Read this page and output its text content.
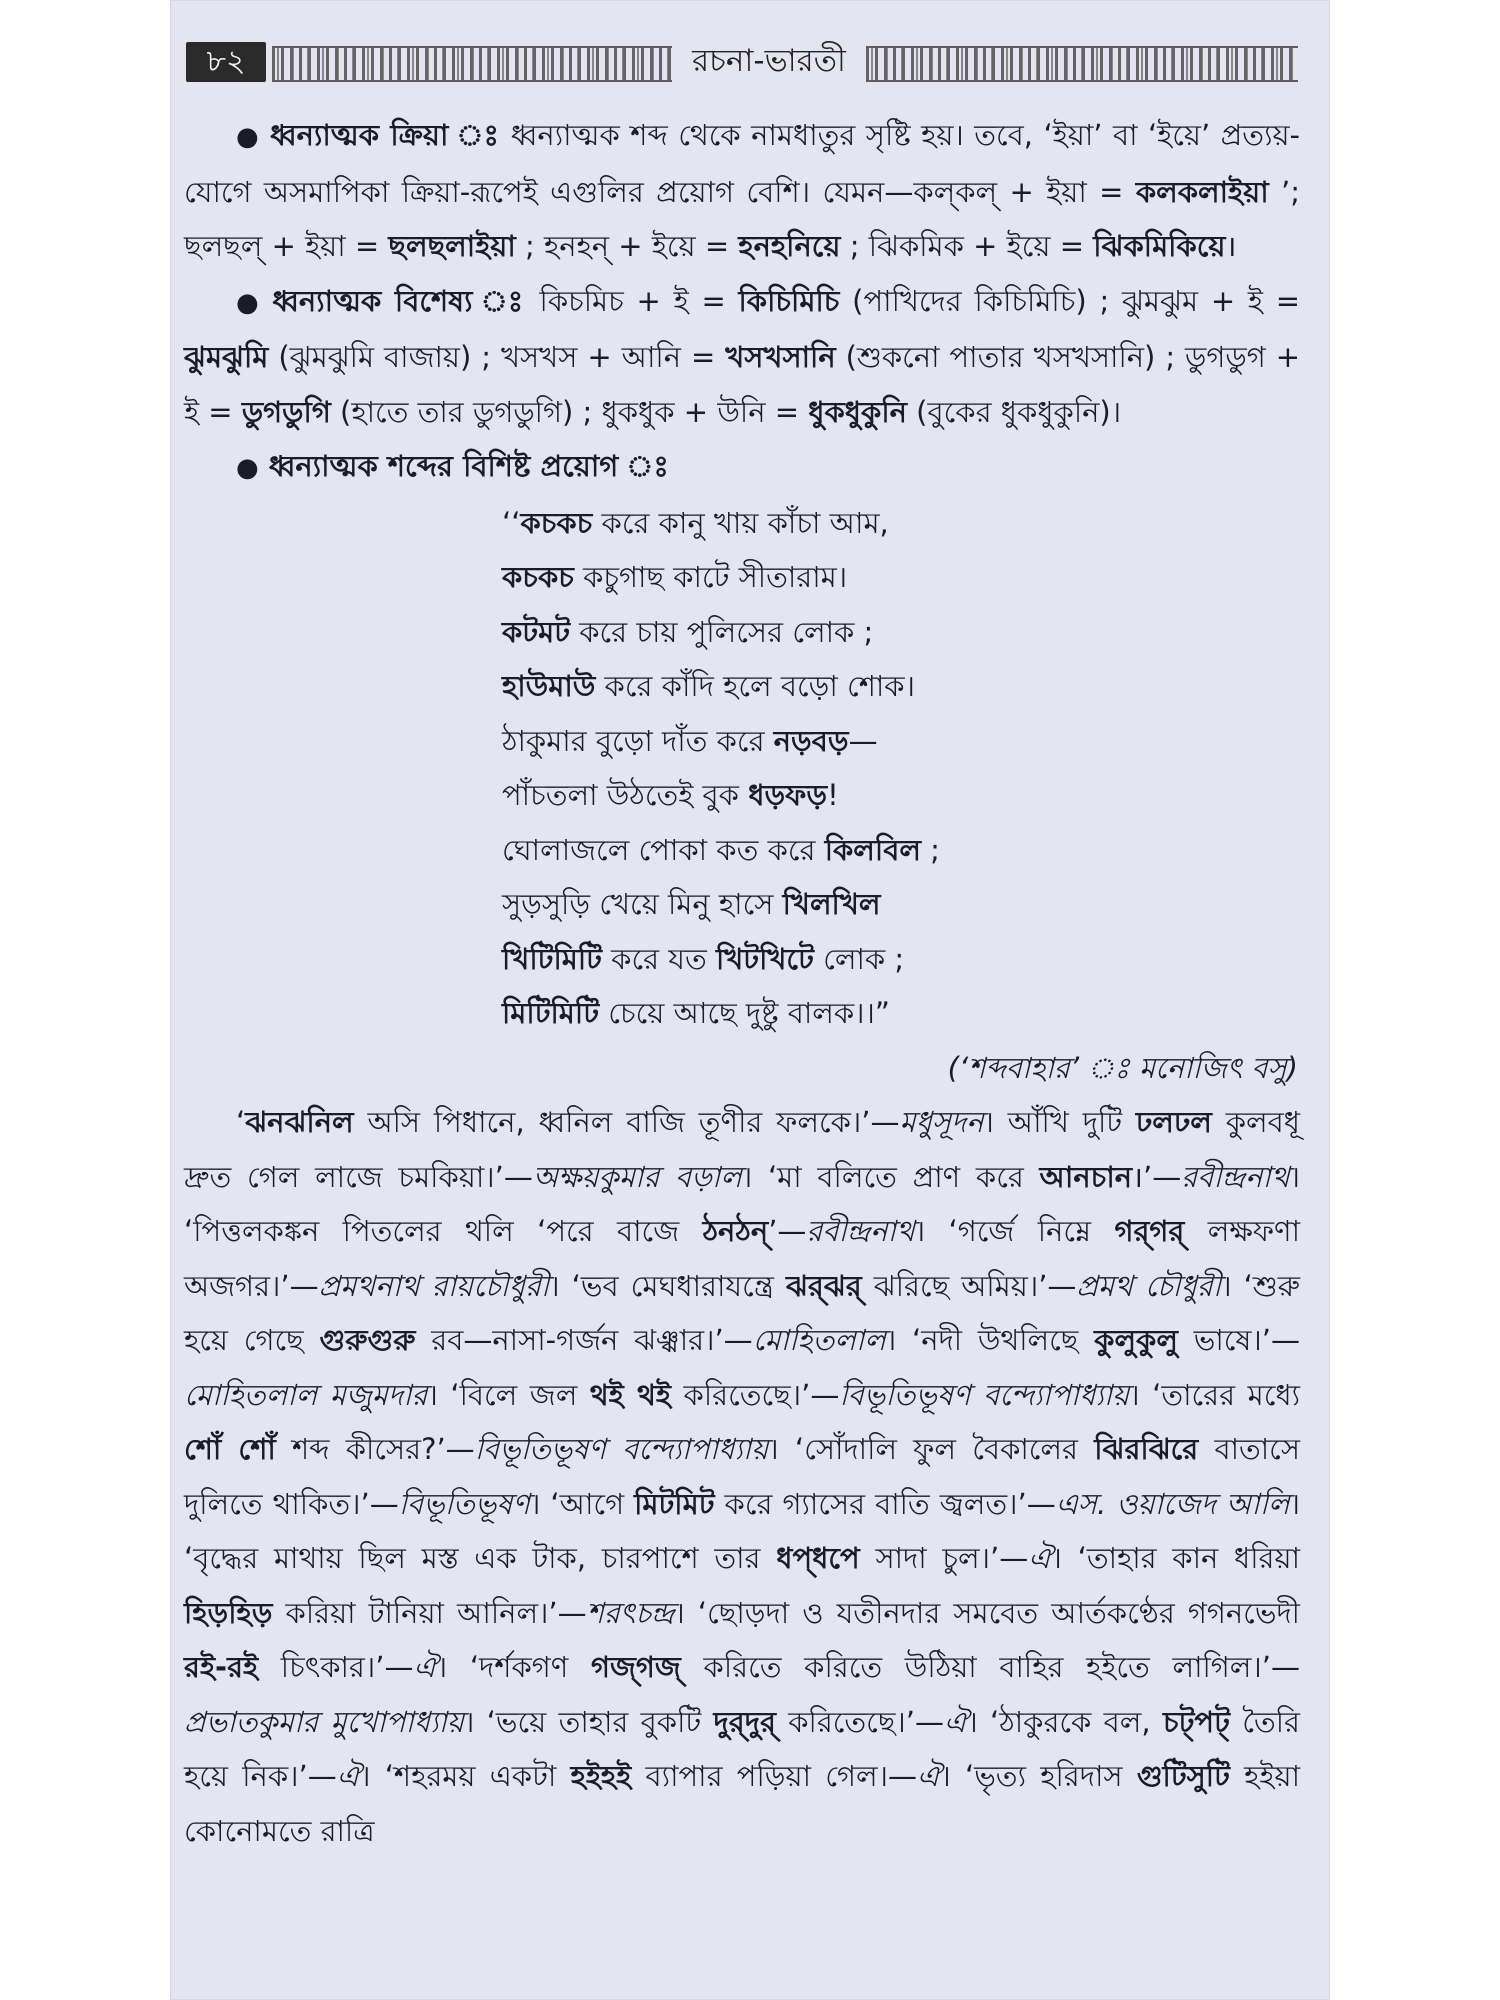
৮২	রচনা-ভারতী

● ধ্বন্যাত্মক ক্রিয়া ঃ ধ্বন্যাত্মক শব্দ থেকে নামধাতুর সৃষ্টি হয়। তবে, ‘ইয়া’ বা ‘ইয়ে’ প্রত্যয়-যোগে অসমাপিকা ক্রিয়া-রূপেই এগুলির প্রয়োগ বেশি। যেমন—কল্‌কল্‌ + ইয়া = কলকলাইয়া ’; ছলছল্‌ + ইয়া = ছলছলাইয়া ; হনহন্‌ + ইয়ে = হনহনিয়ে ; ঝিকমিক + ইয়ে = ঝিকমিকিয়ে।

● ধ্বন্যাত্মক বিশেষ্য ঃ কিচমিচ + ই = কিচিমিচি (পাখিদের কিচিমিচি) ; ঝুমঝুম + ই = ঝুমঝুমি (ঝুমঝুমি বাজায়) ; খসখস + আনি = খসখসানি (শুকনো পাতার খসখসানি) ; ডুগডুগ + ই = ডুগডুগি (হাতে তার ডুগডুগি) ; ধুকধুক + উনি = ধুকধুকুনি (বুকের ধুকধুকুনি)।

● ধ্বন্যাত্মক শব্দের বিশিষ্ট প্রয়োগ ঃ

‘‘কচকচ করে কানু খায় কাঁচা আম,
কচকচ কচুগাছ কাটে সীতারাম।
কটমট করে চায় পুলিসের লোক ;
হাউমাউ করে কাঁদি হলে বড়ো শোক।
ঠাকুমার বুড়ো দাঁত করে নড়বড়—
পাঁচতলা উঠতেই বুক ধড়ফড়!
ঘোলাজলে পোকা কত করে কিলবিল ;
সুড়সুড়ি খেয়ে মিনু হাসে খিলখিল
খিটিমিটি করে যত খিটখিটে লোক ;
মিটিমিটি চেয়ে আছে দুষ্টু বালক।।”
(‘শব্দবাহার’ ঃ মনোজিৎ বসু)

‘ঝনঝনিল অসি পিধানে, ধ্বনিল বাজি তূণীর ফলকে।’—মধুসূদন। আঁখি দুটি ঢলঢল কুলবধূ দ্রুত গেল লাজে চমকিয়া।’—অক্ষয়কুমার বড়াল। ‘মা বলিতে প্রাণ করে আনচান।’—রবীন্দ্রনাথ। ‘পিত্তলকঙ্কন পিতলের থলি ‘পরে বাজে ঠনঠন্‌’—রবীন্দ্রনাথ। ‘গর্জে নিম্নে গর্‌গর্‌ লক্ষফণা অজগর।’—প্রমথনাথ রায়চৌধুরী। ‘ভব মেঘধারাযন্ত্রে ঝর্‌ঝর্‌ ঝরিছে অমিয়।’—প্রমথ চৌধুরী। ‘শুরু হয়ে গেছে গুরুগুরু রব—নাসা-গর্জন ঝঞ্ঝার।’—মোহিতলাল। ‘নদী উথলিছে কুলুকুলু ভাষে।’—মোহিতলাল মজুমদার। ‘বিলে জল থই থই করিতেছে।’—বিভূতিভূষণ বন্দ্যোপাধ্যায়। ‘তারের মধ্যে শোঁ শোঁ শব্দ কীসের?’—বিভূতিভূষণ বন্দ্যোপাধ্যায়। ‘সোঁদালি ফুল বৈকালের ঝিরঝিরে বাতাসে দুলিতে থাকিত।’—বিভূতিভূষণ। ‘আগে মিটমিট করে গ্যাসের বাতি জ্বলত।’—এস. ওয়াজেদ আলি। ‘বৃদ্ধের মাথায় ছিল মস্ত এক টাক, চারপাশে তার ধপ্‌ধপে সাদা চুল।’—ঐ। ‘তাহার কান ধরিয়া হিড়হিড় করিয়া টানিয়া আনিল।’—শরৎচন্দ্র। ‘ছোড়দা ও যতীনদার সমবেত আর্তকণ্ঠের গগনভেদী রই-রই চিৎকার।’—ঐ। ‘দর্শকগণ গজ্‌গজ্‌ করিতে করিতে উঠিয়া বাহির হইতে লাগিল।’—প্রভাতকুমার মুখোপাধ্যায়। ‘ভয়ে তাহার বুকটি দুর্‌দুর্‌ করিতেছে।’—ঐ। ‘ঠাকুরকে বল, চট্‌পট্‌ তৈরি হয়ে নিক।’—ঐ। ‘শহরময় একটা হইহই ব্যাপার পড়িয়া গেল।—ঐ। ‘ভৃত্য হরিদাস গুটিসুটি হইয়া কোনোমতে রাত্রি
